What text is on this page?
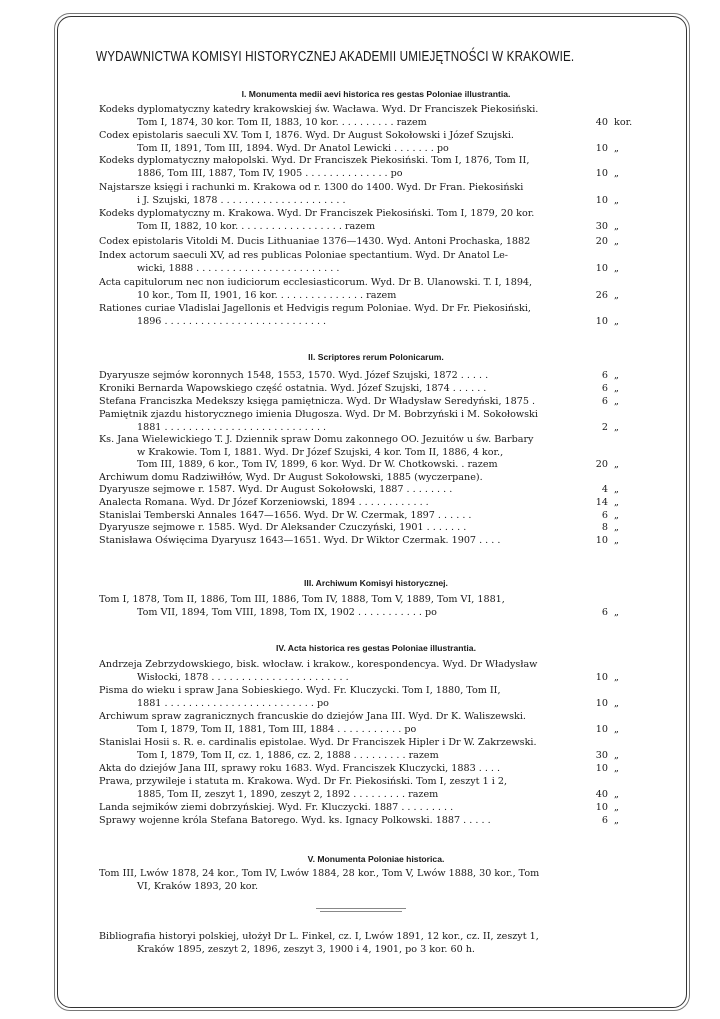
WYDAWNICTWA KOMISYI HISTORYCZNEJ AKADEMII UMIEJĘTNOŚCI W KRAKOWIE.
I. Monumenta medii aevi historica res gestas Poloniae illustrantia.
Kodeks dyplomatyczny katedry krakowskiej św. Wacława. Wyd. Dr Franciszek Piekosiński.
Tom I, 1874, 30 kor. Tom II, 1883, 10 kor. . . . . . . . . . razem	40 kor.
Codex epistolaris saeculi XV. Tom I, 1876. Wyd. Dr August Sokołowski i Józef Szujski.
Tom II, 1891, Tom III, 1894. Wyd. Dr Anatol Lewicki . . . . . . . po	10 „
Kodeks dyplomatyczny małopolski. Wyd. Dr Franciszek Piekosiński. Tom I, 1876, Tom II,
1886, Tom III, 1887, Tom IV, 1905 . . . . . . . . . . . . . . po	10 „
Najstarsze księgi i rachunki m. Krakowa od r. 1300 do 1400. Wyd. Dr Fran. Piekosiński
i J. Szujski, 1878 . . . . . . . . . . . . . . . . . . . . .	10 „
Kodeks dyplomatyczny m. Krakowa. Wyd. Dr Franciszek Piekosiński. Tom I, 1879, 20 kor.
Tom II, 1882, 10 kor. . . . . . . . . . . . . . . . . . razem	30 „
Codex epistolaris Vitoldi M. Ducis Lithuaniae 1376—1430. Wyd. Antoni Prochaska, 1882	20 „
Index actorum saeculi XV, ad res publicas Poloniae spectantium. Wyd. Dr Anatol Le-
wicki, 1888 . . . . . . . . . . . . . . . . . . . . . . . .	10 „
Acta capitulorum nec non iudiciorum ecclesiasticorum. Wyd. Dr B. Ulanowski. T. I, 1894,
10 kor., Tom II, 1901, 16 kor. . . . . . . . . . . . . . . razem	26 „
Rationes curiae Vladislai Jagellonis et Hedvigis regum Poloniae. Wyd. Dr Fr. Piekosiński,
1896 . . . . . . . . . . . . . . . . . . . . . . . . . . .	10 „
II. Scriptores rerum Polonicarum.
Dyaryusze sejmów koronnych 1548, 1553, 1570. Wyd. Józef Szujski, 1872 . . . . .	6 „
Kroniki Bernarda Wapowskiego część ostatnia. Wyd. Józef Szujski, 1874 . . . . . .	6 „
Stefana Franciszka Medekszy księga pamiętnicza. Wyd. Dr Władysław Seredyński, 1875 .	6 „
Pamiętnik zjazdu historycznego imienia Długosza. Wyd. Dr M. Bobrzyński i M. Sokołowski
1881 . . . . . . . . . . . . . . . . . . . . . . . . . . .	2 „
Ks. Jana Wielewickiego T. J. Dziennik spraw Domu zakonnego OO. Jezuitów u św. Barbary
w Krakowie. Tom I, 1881. Wyd. Dr Józef Szujski, 4 kor. Tom II, 1886, 4 kor.,
Tom III, 1889, 6 kor., Tom IV, 1899, 6 kor. Wyd. Dr W. Chotkowski. . razem	20 „
Archiwum domu Radziwiłłów, Wyd. Dr August Sokołowski, 1885 (wyczerpane).
Dyaryusze sejmowe r. 1587. Wyd. Dr August Sokołowski, 1887 . . . . . . . .	4 „
Analecta Romana. Wyd. Dr Józef Korzeniowski, 1894 . . . . . . . . . . . .	14 „
Stanislai Temberski Annales 1647—1656. Wyd. Dr W. Czermak, 1897 . . . . . .	6 „
Dyaryusze sejmowe r. 1585. Wyd. Dr Aleksander Czuczyński, 1901 . . . . . . .	8 „
Stanisława Oświęcima Dyaryusz 1643—1651. Wyd. Dr Wiktor Czermak. 1907 . . . .	10 „
III. Archiwum Komisyi historycznej.
Tom I, 1878, Tom II, 1886, Tom III, 1886, Tom IV, 1888, Tom V, 1889, Tom VI, 1881,
Tom VII, 1894, Tom VIII, 1898, Tom IX, 1902 . . . . . . . . . . . po	6 „
IV. Acta historica res gestas Poloniae illustrantia.
Andrzeja Zebrzydowskiego, bisk. włocław. i krakow., korespondencya. Wyd. Dr Władysław
Wisłocki, 1878 . . . . . . . . . . . . . . . . . . . . . . .	10 „
Pisma do wieku i spraw Jana Sobieskiego. Wyd. Fr. Kluczycki. Tom I, 1880, Tom II,
1881 . . . . . . . . . . . . . . . . . . . . . . . . . po	10 „
Archiwum spraw zagranicznych francuskie do dziejów Jana III. Wyd. Dr K. Waliszewski.
Tom I, 1879, Tom II, 1881, Tom III, 1884 . . . . . . . . . . . po	10 „
Stanislai Hosii s. R. e. cardinalis epistolae. Wyd. Dr Franciszek Hipler i Dr W. Zakrzewski.
Tom I, 1879, Tom II, cz. 1, 1886, cz. 2, 1888 . . . . . . . . . razem	30 „
Akta do dziejów Jana III, sprawy roku 1683. Wyd. Franciszek Kluczycki, 1883 . . . .	10 „
Prawa, przywileje i statuta m. Krakowa. Wyd. Dr Fr. Piekosiński. Tom I, zeszyt 1 i 2,
1885, Tom II, zeszyt 1, 1890, zeszyt 2, 1892 . . . . . . . . . razem	40 „
Landa sejmików ziemi dobrzyńskiej. Wyd. Fr. Kluczycki. 1887 . . . . . . . . .	10 „
Sprawy wojenne króla Stefana Batorego. Wyd. ks. Ignacy Polkowski. 1887 . . . . .	6 „
V. Monumenta Poloniae historica.
Tom III, Lwów 1878, 24 kor., Tom IV, Lwów 1884, 28 kor., Tom V, Lwów 1888, 30 kor., Tom
VI, Kraków 1893, 20 kor.
Bibliografia historyi polskiej, ułożył Dr L. Finkel, cz. I, Lwów 1891, 12 kor., cz. II, zeszyt 1,
Kraków 1895, zeszyt 2, 1896, zeszyt 3, 1900 i 4, 1901, po 3 kor. 60 h.
